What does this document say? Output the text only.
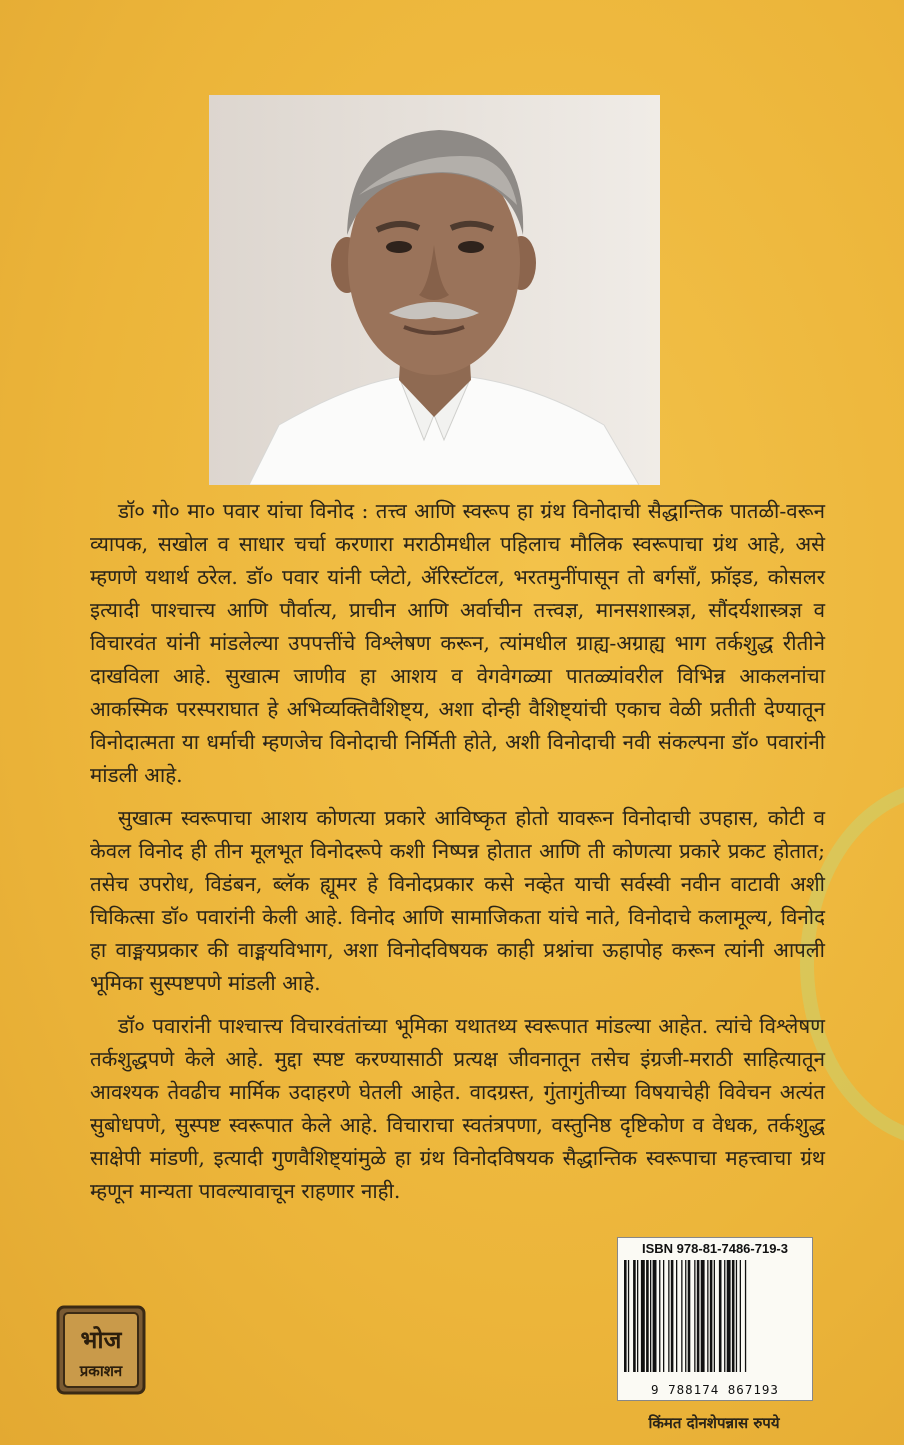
डॉ० गो० मा० पवार यांचा विनोद : तत्त्व आणि स्वरूप हा ग्रंथ विनोदाची सैद्धान्तिक पातळी-वरून व्यापक, सखोल व साधार चर्चा करणारा मराठीमधील पहिलाच मौलिक स्वरूपाचा ग्रंथ आहे, असे म्हणणे यथार्थ ठरेल. डॉ० पवार यांनी प्लेटो, ॲरिस्टॉटल, भरतमुनींपासून तो बर्गसाँ, फ्रॉइड, कोसलर इत्यादी पाश्चात्त्य आणि पौर्वात्य, प्राचीन आणि अर्वाचीन तत्त्वज्ञ, मानसशास्त्रज्ञ, सौंदर्यशास्त्रज्ञ व विचारवंत यांनी मांडलेल्या उपपत्तींचे विश्लेषण करून, त्यांमधील ग्राह्य-अग्राह्य भाग तर्कशुद्ध रीतीने दाखविला आहे. सुखात्म जाणीव हा आशय व वेगवेगळ्या पातळ्यांवरील विभिन्न आकलनांचा आकस्मिक परस्पराघात हे अभिव्यक्तिवैशिष्ट्य, अशा दोन्ही वैशिष्ट्यांची एकाच वेळी प्रतीती देण्यातून विनोदात्मता या धर्माची म्हणजेच विनोदाची निर्मिती होते, अशी विनोदाची नवी संकल्पना डॉ० पवारांनी मांडली आहे.

सुखात्म स्वरूपाचा आशय कोणत्या प्रकारे आविष्कृत होतो यावरून विनोदाची उपहास, कोटी व केवल विनोद ही तीन मूलभूत विनोदरूपे कशी निष्पन्न होतात आणि ती कोणत्या प्रकारे प्रकट होतात; तसेच उपरोध, विडंबन, ब्लॅक ह्यूमर हे विनोदप्रकार कसे नव्हेत याची सर्वस्वी नवीन वाटावी अशी चिकित्सा डॉ० पवारांनी केली आहे. विनोद आणि सामाजिकता यांचे नाते, विनोदाचे कलामूल्य, विनोद हा वाङ्मयप्रकार की वाङ्मयविभाग, अशा विनोदविषयक काही प्रश्नांचा ऊहापोह करून त्यांनी आपली भूमिका सुस्पष्टपणे मांडली आहे.

डॉ० पवारांनी पाश्चात्त्य विचारवंतांच्या भूमिका यथातथ्य स्वरूपात मांडल्या आहेत. त्यांचे विश्लेषण तर्कशुद्धपणे केले आहे. मुद्दा स्पष्ट करण्यासाठी प्रत्यक्ष जीवनातून तसेच इंग्रजी-मराठी साहित्यातून आवश्यक तेवढीच मार्मिक उदाहरणे घेतली आहेत. वादग्रस्त, गुंतागुंतीच्या विषयाचेही विवेचन अत्यंत सुबोधपणे, सुस्पष्ट स्वरूपात केले आहे. विचाराचा स्वतंत्रपणा, वस्तुनिष्ठ दृष्टिकोण व वेधक, तर्कशुद्ध साक्षेपी मांडणी, इत्यादी गुणवैशिष्ट्यांमुळे हा ग्रंथ विनोदविषयक सैद्धान्तिक स्वरूपाचा महत्त्वाचा ग्रंथ म्हणून मान्यता पावल्यावाचून राहणार नाही.

भोज
प्रकाशन
ISBN 978-81-7486-719-3
9 788174 867193
किंमत दोनशेपन्नास रुपये
